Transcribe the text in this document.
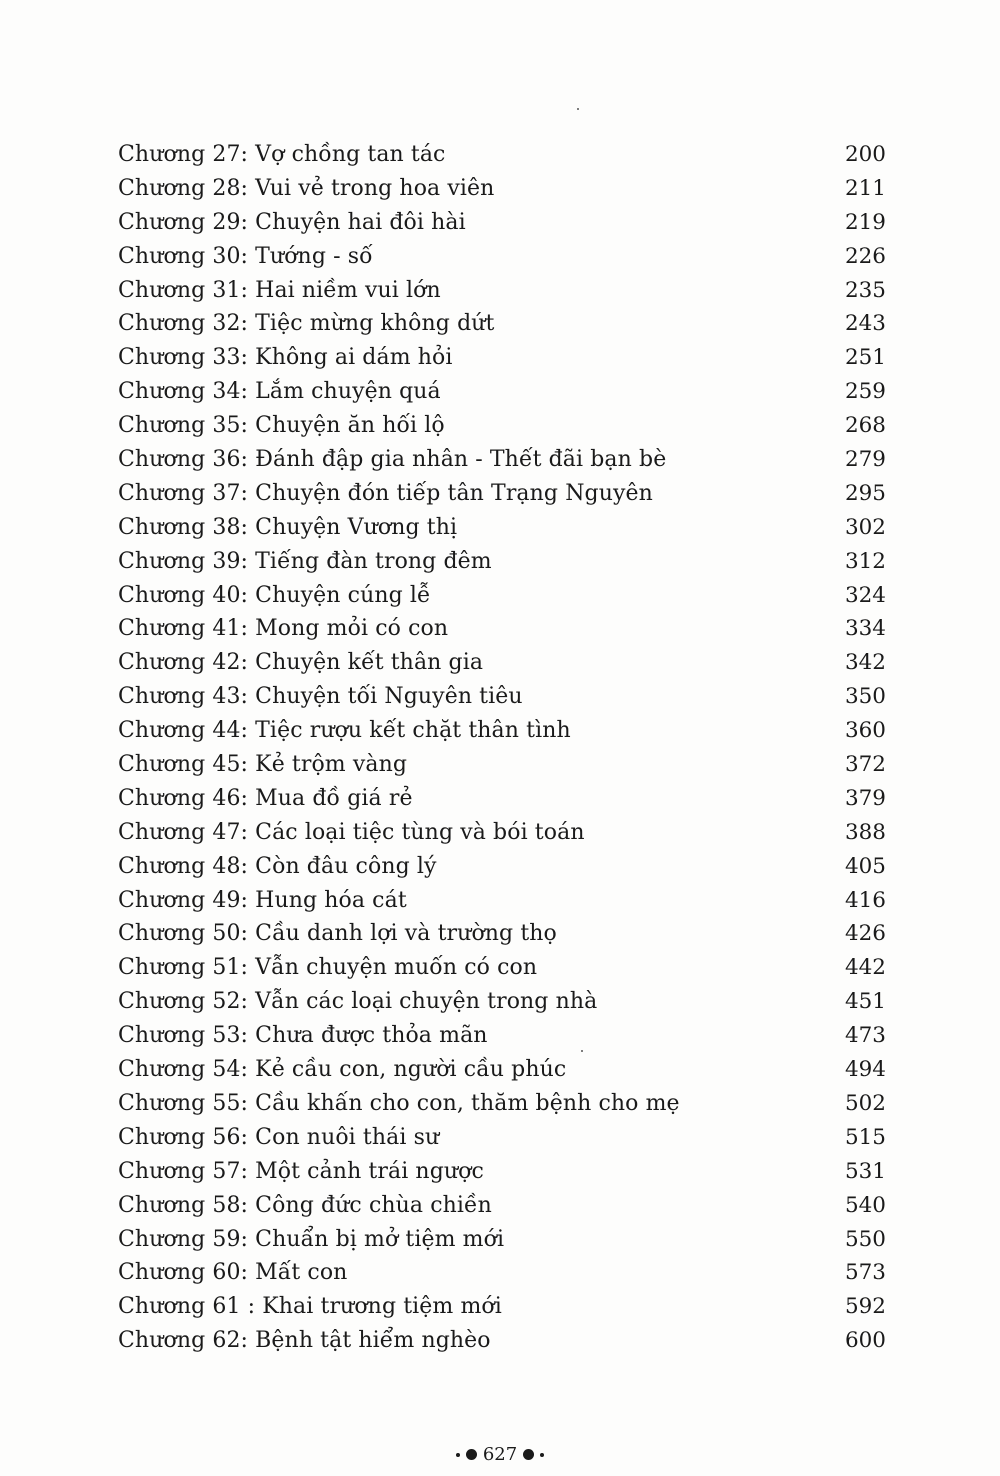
Chương 27: Vợ chồng tan tác	200
Chương 28: Vui vẻ trong hoa viên	211
Chương 29: Chuyện hai đôi hài	219
Chương 30: Tướng - số	226
Chương 31: Hai niềm vui lớn	235
Chương 32: Tiệc mừng không dứt	243
Chương 33: Không ai dám hỏi	251
Chương 34: Lắm chuyện quá	259
Chương 35: Chuyện ăn hối lộ	268
Chương 36: Đánh đập gia nhân - Thết đãi bạn bè	279
Chương 37: Chuyện đón tiếp tân Trạng Nguyên	295
Chương 38: Chuyện Vương thị	302
Chương 39: Tiếng đàn trong đêm	312
Chương 40: Chuyện cúng lễ	324
Chương 41: Mong mỏi có con	334
Chương 42: Chuyện kết thân gia	342
Chương 43: Chuyện tối Nguyên tiêu	350
Chương 44: Tiệc rượu kết chặt thân tình	360
Chương 45: Kẻ trộm vàng	372
Chương 46: Mua đồ giá rẻ	379
Chương 47: Các loại tiệc tùng và bói toán	388
Chương 48: Còn đâu công lý	405
Chương 49: Hung hóa cát	416
Chương 50: Cầu danh lợi và trường thọ	426
Chương 51: Vẫn chuyện muốn có con	442
Chương 52: Vẫn các loại chuyện trong nhà	451
Chương 53: Chưa được thỏa mãn	473
Chương 54: Kẻ cầu con, người cầu phúc	494
Chương 55: Cầu khấn cho con, thăm bệnh cho mẹ	502
Chương 56: Con nuôi thái sư	515
Chương 57: Một cảnh trái ngược	531
Chương 58: Công đức chùa chiền	540
Chương 59: Chuẩn bị mở tiệm mới	550
Chương 60: Mất con	573
Chương 61 : Khai trương tiệm mới	592
Chương 62: Bệnh tật hiểm nghèo	600
627
